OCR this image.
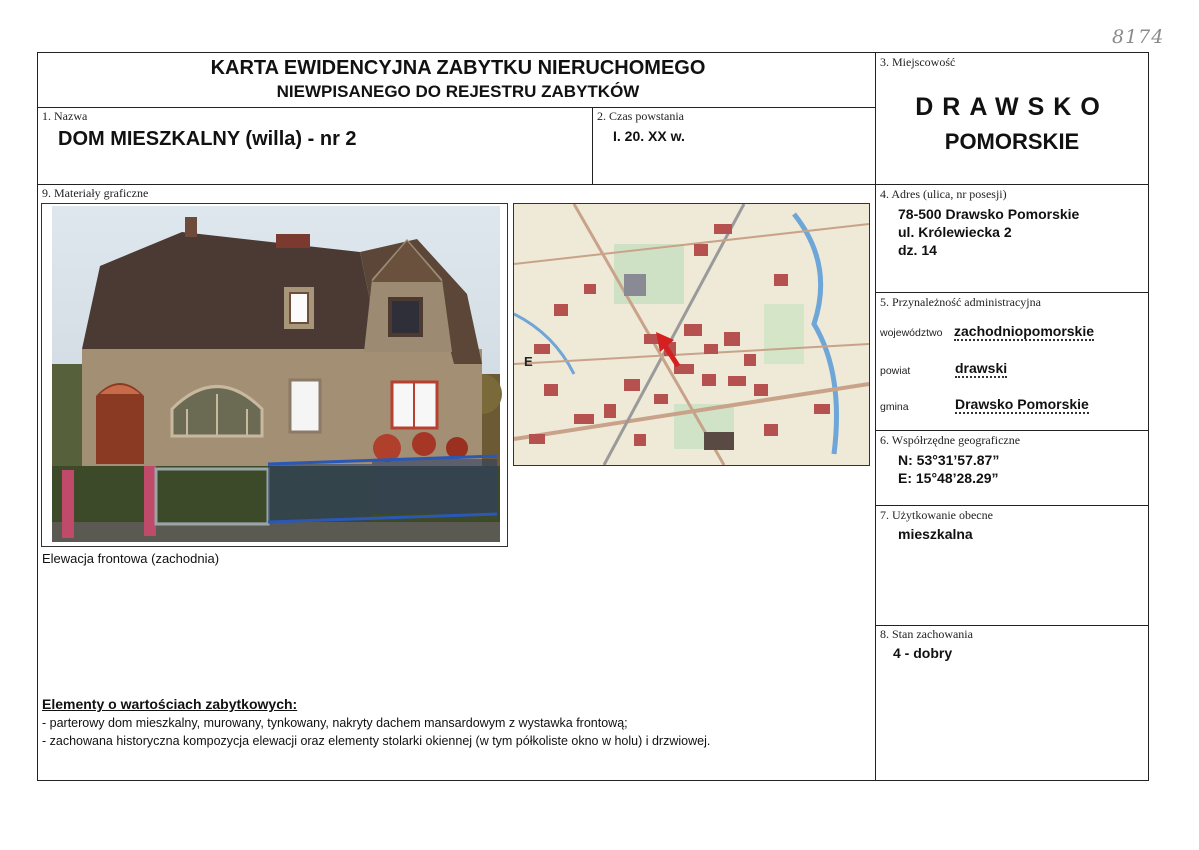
8174
KARTA EWIDENCYJNA ZABYTKU NIERUCHOMEGO
NIEWPISANEGO DO REJESTRU ZABYTKÓW
1. Nazwa
DOM MIESZKALNY (willa) - nr 2
2. Czas powstania
I. 20. XX w.
3. Miejscowość
DRAWSKO
POMORSKIE
4. Adres (ulica, nr posesji)
78-500 Drawsko Pomorskie
ul. Królewiecka 2
dz. 14
5. Przynależność administracyjna
województwo zachodniopomorskie
powiat	drawski
gmina	Drawsko Pomorskie
6. Współrzędne geograficzne
N: 53°31’57.87”
E: 15°48’28.29”
7. Użytkowanie obecne
mieszkalna
8. Stan zachowania
4 - dobry
9. Materiały graficzne
E
Elewacja frontowa (zachodnia)
Elementy o wartościach zabytkowych:
- parterowy dom mieszkalny, murowany, tynkowany, nakryty dachem mansardowym z wystawka frontową;
- zachowana historyczna kompozycja elewacji oraz elementy stolarki okiennej (w tym półkoliste okno w holu) i drzwiowej.
